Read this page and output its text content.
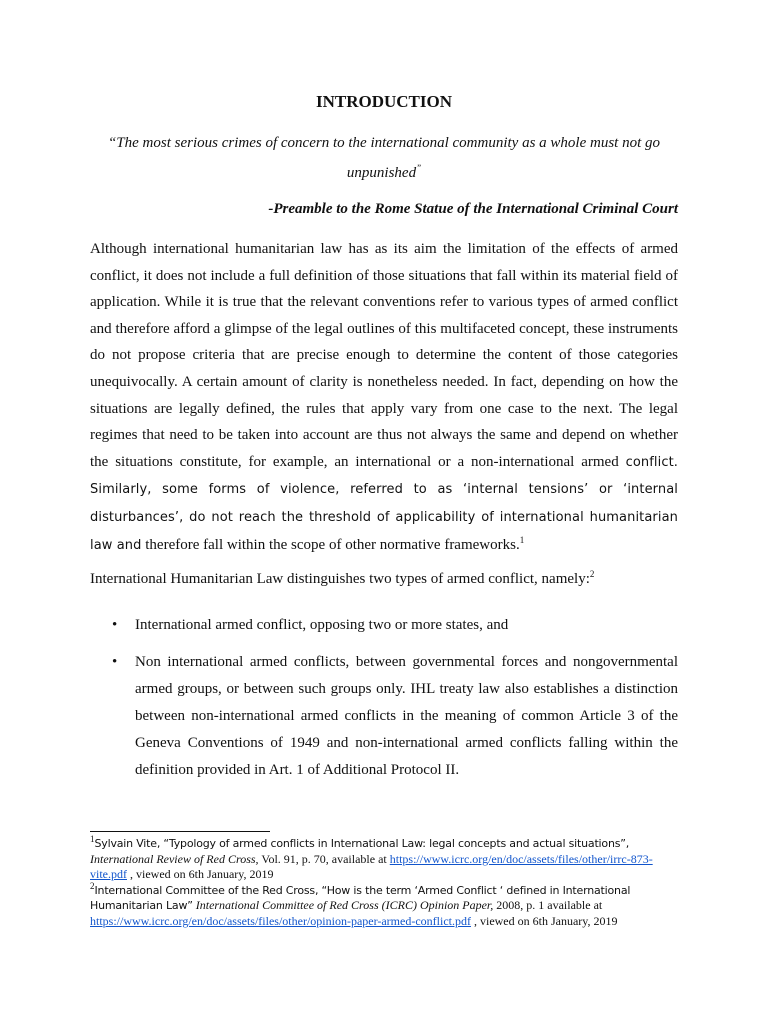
INTRODUCTION
“The most serious crimes of concern to the international community as a whole must not go unpunished”
-Preamble to the Rome Statue of the International Criminal Court

Although international humanitarian law has as its aim the limitation of the effects of armed conflict, it does not include a full definition of those situations that fall within its material field of application. While it is true that the relevant conventions refer to various types of armed conflict and therefore afford a glimpse of the legal outlines of this multifaceted concept, these instruments do not propose criteria that are precise enough to determine the content of those categories unequivocally. A certain amount of clarity is nonetheless needed. In fact, depending on how the situations are legally defined, the rules that apply vary from one case to the next. The legal regimes that need to be taken into account are thus not always the same and depend on whether the situations constitute, for example, an international or a non-international armed conflict. Similarly, some forms of violence, referred to as ‘internal tensions’ or ‘internal disturbances’, do not reach the threshold of applicability of international humanitarian law and therefore fall within the scope of other normative frameworks.$^1$

International Humanitarian Law distinguishes two types of armed conflict, namely:$^2$

• International armed conflict, opposing two or more states, and
• Non international armed conflicts, between governmental forces and nongovernmental armed groups, or between such groups only. IHL treaty law also establishes a distinction between non-international armed conflicts in the meaning of common Article 3 of the Geneva Conventions of 1949 and non-international armed conflicts falling within the definition provided in Art. 1 of Additional Protocol II.

$^1$Sylvain Vite, “Typology of armed conflicts in International Law: legal concepts and actual situations”,
International Review of Red Cross, Vol. 91, p. 70, available at https://www.icrc.org/en/doc/assets/files/other/irrc-873-vite.pdf , viewed on 6th January, 2019

$^2$International Committee of the Red Cross, “How is the term ‘Armed Conflict ‘ defined in International Humanitarian Law” International Committee of Red Cross (ICRC) Opinion Paper, 2008, p. 1 available at https://www.icrc.org/en/doc/assets/files/other/opinion-paper-armed-conflict.pdf , viewed on 6th January, 2019
